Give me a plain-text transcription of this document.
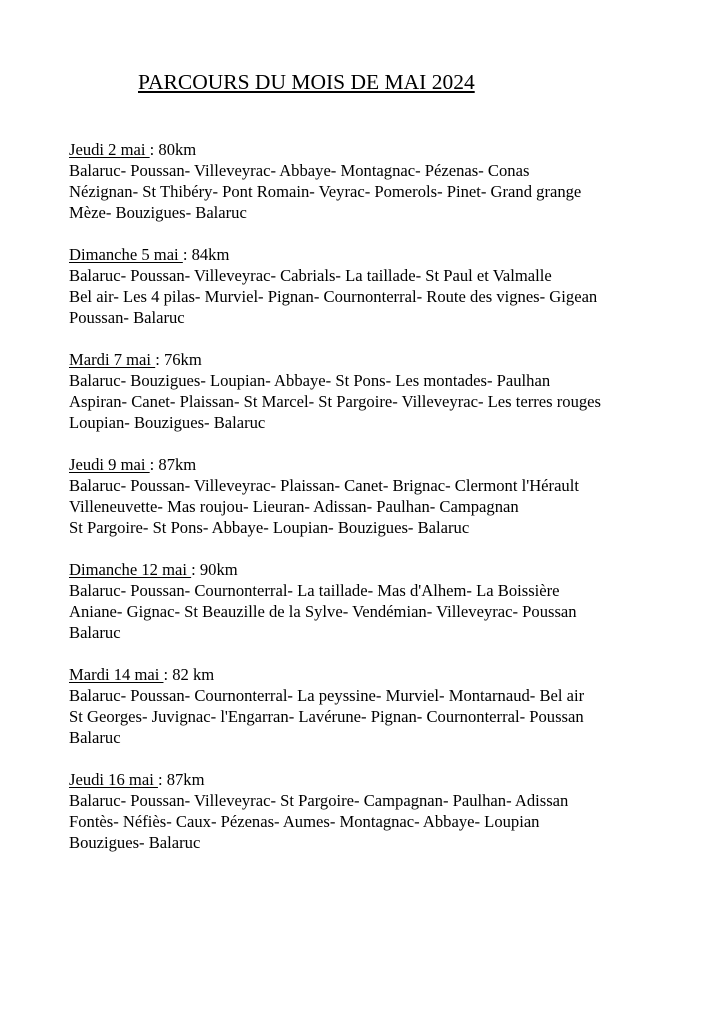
PARCOURS DU MOIS DE MAI 2024
Jeudi 2 mai : 80km
Balaruc- Poussan- Villeveyrac- Abbaye- Montagnac- Pézenas- Conas
Nézignan- St Thibéry- Pont Romain- Veyrac- Pomerols- Pinet- Grand grange
Mèze- Bouzigues- Balaruc
Dimanche 5 mai : 84km
Balaruc- Poussan- Villeveyrac- Cabrials- La taillade- St Paul et Valmalle
Bel air- Les 4 pilas- Murviel- Pignan- Cournonterral- Route des vignes- Gigean
Poussan- Balaruc
Mardi 7 mai : 76km
Balaruc- Bouzigues- Loupian- Abbaye- St Pons- Les montades- Paulhan
Aspiran- Canet- Plaissan- St Marcel- St Pargoire- Villeveyrac- Les terres rouges
Loupian- Bouzigues- Balaruc
Jeudi 9 mai : 87km
Balaruc- Poussan- Villeveyrac- Plaissan- Canet- Brignac- Clermont l'Hérault
Villeneuvette- Mas roujou- Lieuran- Adissan- Paulhan- Campagnan
St Pargoire- St Pons- Abbaye- Loupian- Bouzigues- Balaruc
Dimanche 12 mai : 90km
Balaruc- Poussan- Cournonterral- La taillade- Mas d'Alhem- La Boissière
Aniane- Gignac- St Beauzille de la Sylve- Vendémian- Villeveyrac- Poussan
Balaruc
Mardi 14 mai : 82 km
Balaruc- Poussan- Cournonterral- La peyssine- Murviel- Montarnaud- Bel air
St Georges- Juvignac- l'Engarran- Lavérune- Pignan- Cournonterral- Poussan
Balaruc
Jeudi 16 mai : 87km
Balaruc- Poussan- Villeveyrac- St Pargoire- Campagnan- Paulhan- Adissan
Fontès- Néfiès- Caux- Pézenas- Aumes- Montagnac- Abbaye- Loupian
Bouzigues- Balaruc
